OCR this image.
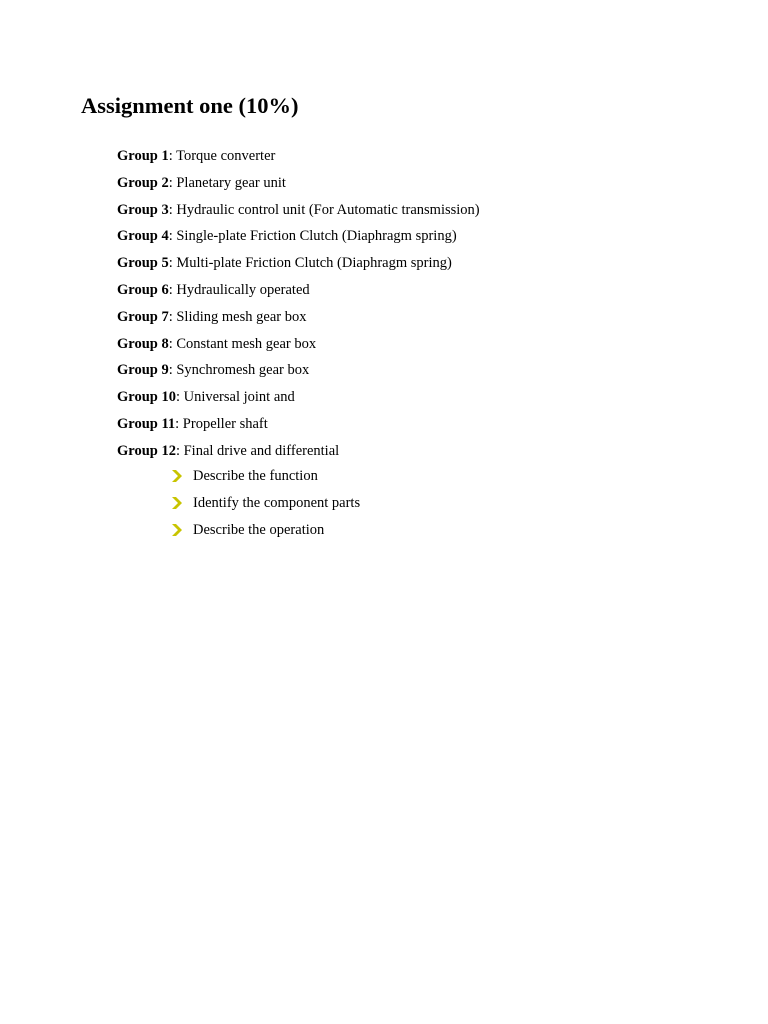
Assignment one (10%)
Group 1: Torque converter
Group 2: Planetary gear unit
Group 3: Hydraulic control unit (For Automatic transmission)
Group 4: Single-plate Friction Clutch (Diaphragm spring)
Group 5: Multi-plate Friction Clutch (Diaphragm spring)
Group 6: Hydraulically operated
Group 7: Sliding mesh gear box
Group 8: Constant mesh gear box
Group 9: Synchromesh gear box
Group 10: Universal joint and
Group 11: Propeller shaft
Group 12: Final drive and differential
Describe the function
Identify the component parts
Describe the operation
